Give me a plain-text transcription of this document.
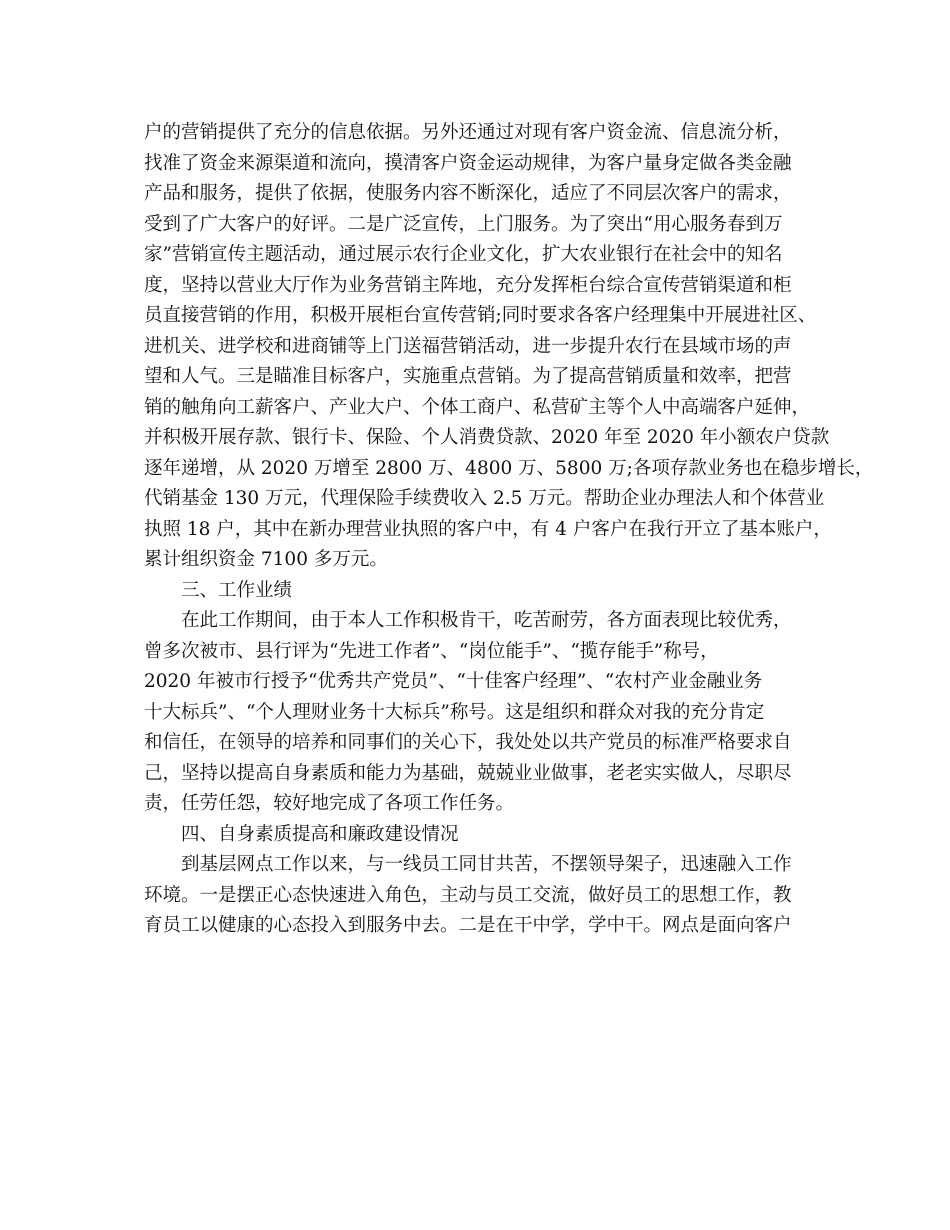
户的营销提供了充分的信息依据。另外还通过对现有客户资金流、信息流分析，

找准了资金来源渠道和流向，摸清客户资金运动规律，为客户量身定做各类金融

产品和服务，提供了依据，使服务内容不断深化，适应了不同层次客户的需求，

受到了广大客户的好评。二是广泛宣传，上门服务。为了突出“用心服务春到万

家”营销宣传主题活动，通过展示农行企业文化，扩大农业银行在社会中的知名

度，坚持以营业大厅作为业务营销主阵地，充分发挥柜台综合宣传营销渠道和柜

员直接营销的作用，积极开展柜台宣传营销;同时要求各客户经理集中开展进社区、

进机关、进学校和进商铺等上门送福营销活动，进一步提升农行在县域市场的声

望和人气。三是瞄准目标客户，实施重点营销。为了提高营销质量和效率，把营

销的触角向工薪客户、产业大户、个体工商户、私营矿主等个人中高端客户延伸，

并积极开展存款、银行卡、保险、个人消费贷款、2020 年至 2020 年小额农户贷款

逐年递增，从 2020 万增至 2800 万、4800 万、5800 万;各项存款业务也在稳步增长，

代销基金 130 万元，代理保险手续费收入 2.5 万元。帮助企业办理法人和个体营业

执照 18 户，其中在新办理营业执照的客户中，有 4 户客户在我行开立了基本账户，

累计组织资金 7100 多万元。

三、工作业绩

在此工作期间，由于本人工作积极肯干，吃苦耐劳，各方面表现比较优秀，

曾多次被市、县行评为“先进工作者”、“岗位能手”、“揽存能手”称号，

2020 年被市行授予“优秀共产党员”、“十佳客户经理”、“农村产业金融业务

十大标兵”、“个人理财业务十大标兵”称号。这是组织和群众对我的充分肯定

和信任，在领导的培养和同事们的关心下，我处处以共产党员的标准严格要求自

己，坚持以提高自身素质和能力为基础，兢兢业业做事，老老实实做人，尽职尽

责，任劳任怨，较好地完成了各项工作任务。

四、自身素质提高和廉政建设情况

到基层网点工作以来，与一线员工同甘共苦，不摆领导架子，迅速融入工作

环境。一是摆正心态快速进入角色，主动与员工交流，做好员工的思想工作，教

育员工以健康的心态投入到服务中去。二是在干中学，学中干。网点是面向客户
